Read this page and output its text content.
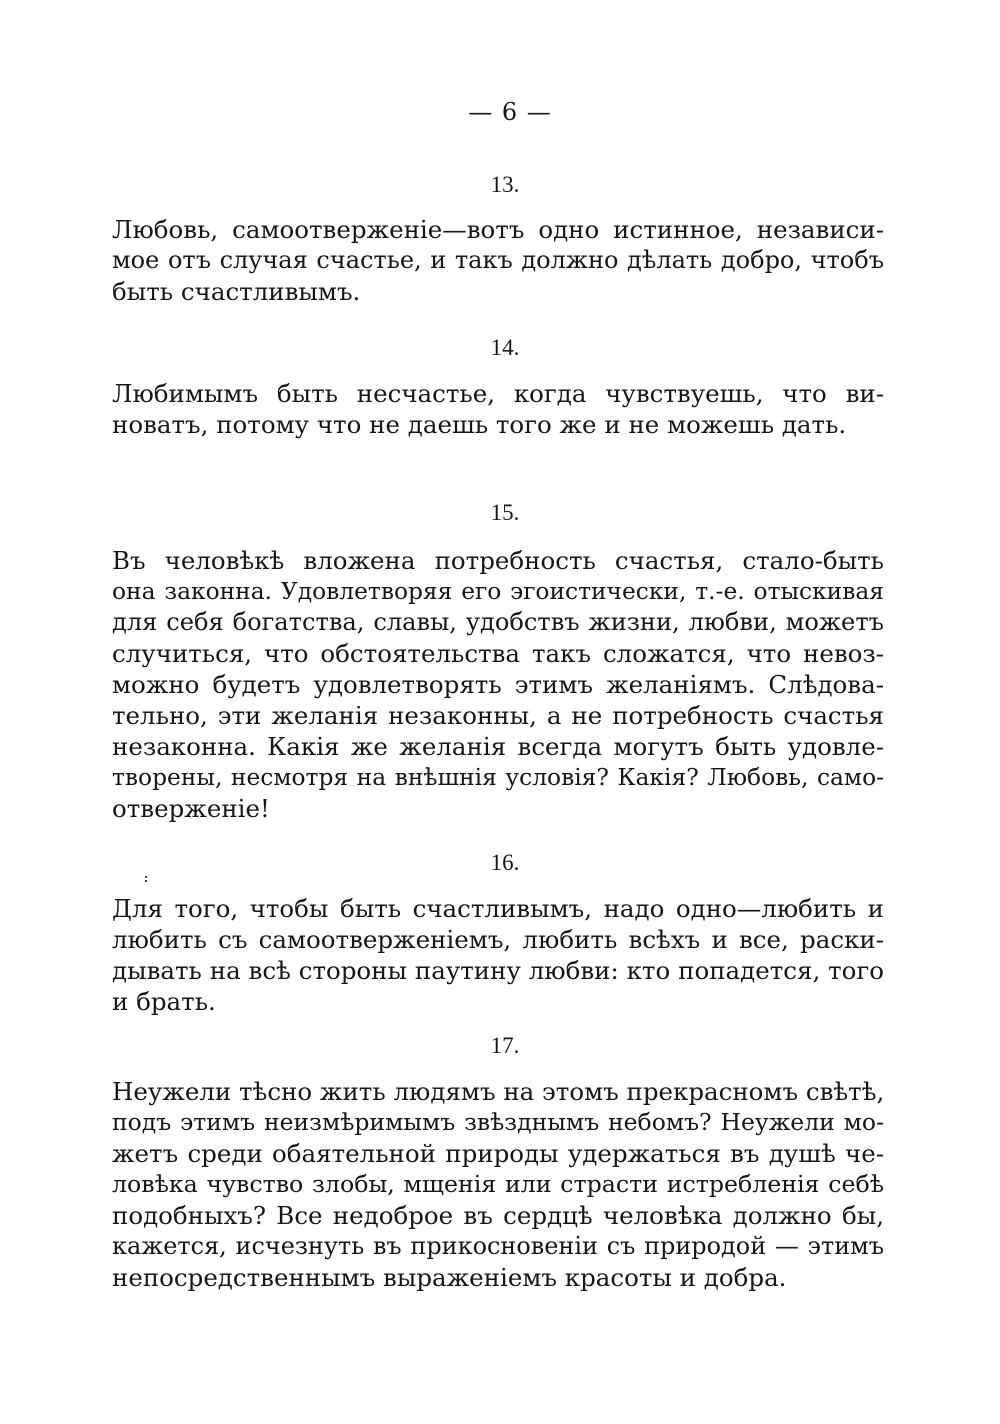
— 6 —
13.
Любовь, самоотверженіе—вотъ одно истинное, независи-
мое отъ случая счастье, и такъ должно дѣлать добро, чтобъ
быть счастливымъ.
14.
Любимымъ быть несчастье, когда чувствуешь, что ви-
новатъ, потому что не даешь того же и не можешь дать.
15.
Въ человѣкѣ вложена потребность счастья, стало-быть
она законна. Удовлетворяя его эгоистически, т.-е. отыскивая
для себя богатства, славы, удобствъ жизни, любви, можетъ
случиться, что обстоятельства такъ сложатся, что невоз-
можно будетъ удовлетворять этимъ желаніямъ. Слѣдова-
тельно, эти желанія незаконны, а не потребность счастья
незаконна. Какія же желанія всегда могутъ быть удовле-
творены, несмотря на внѣшнія условія? Какія? Любовь, само-
отверженіе!
16.
Для того, чтобы быть счастливымъ, надо одно—любить и
любить съ самоотверженіемъ, любить всѣхъ и все, раски-
дывать на всѣ стороны паутину любви: кто попадется, того
и брать.
17.
Неужели тѣсно жить людямъ на этомъ прекрасномъ свѣтѣ,
подъ этимъ неизмѣримымъ звѣзднымъ небомъ? Неужели мо-
жетъ среди обаятельной природы удержаться въ душѣ че-
ловѣка чувство злобы, мщенія или страсти истребленія себѣ
подобныхъ? Все недоброе въ сердцѣ человѣка должно бы,
кажется, исчезнуть въ прикосновеніи съ природой — этимъ
непосредственнымъ выраженіемъ красоты и добра.
